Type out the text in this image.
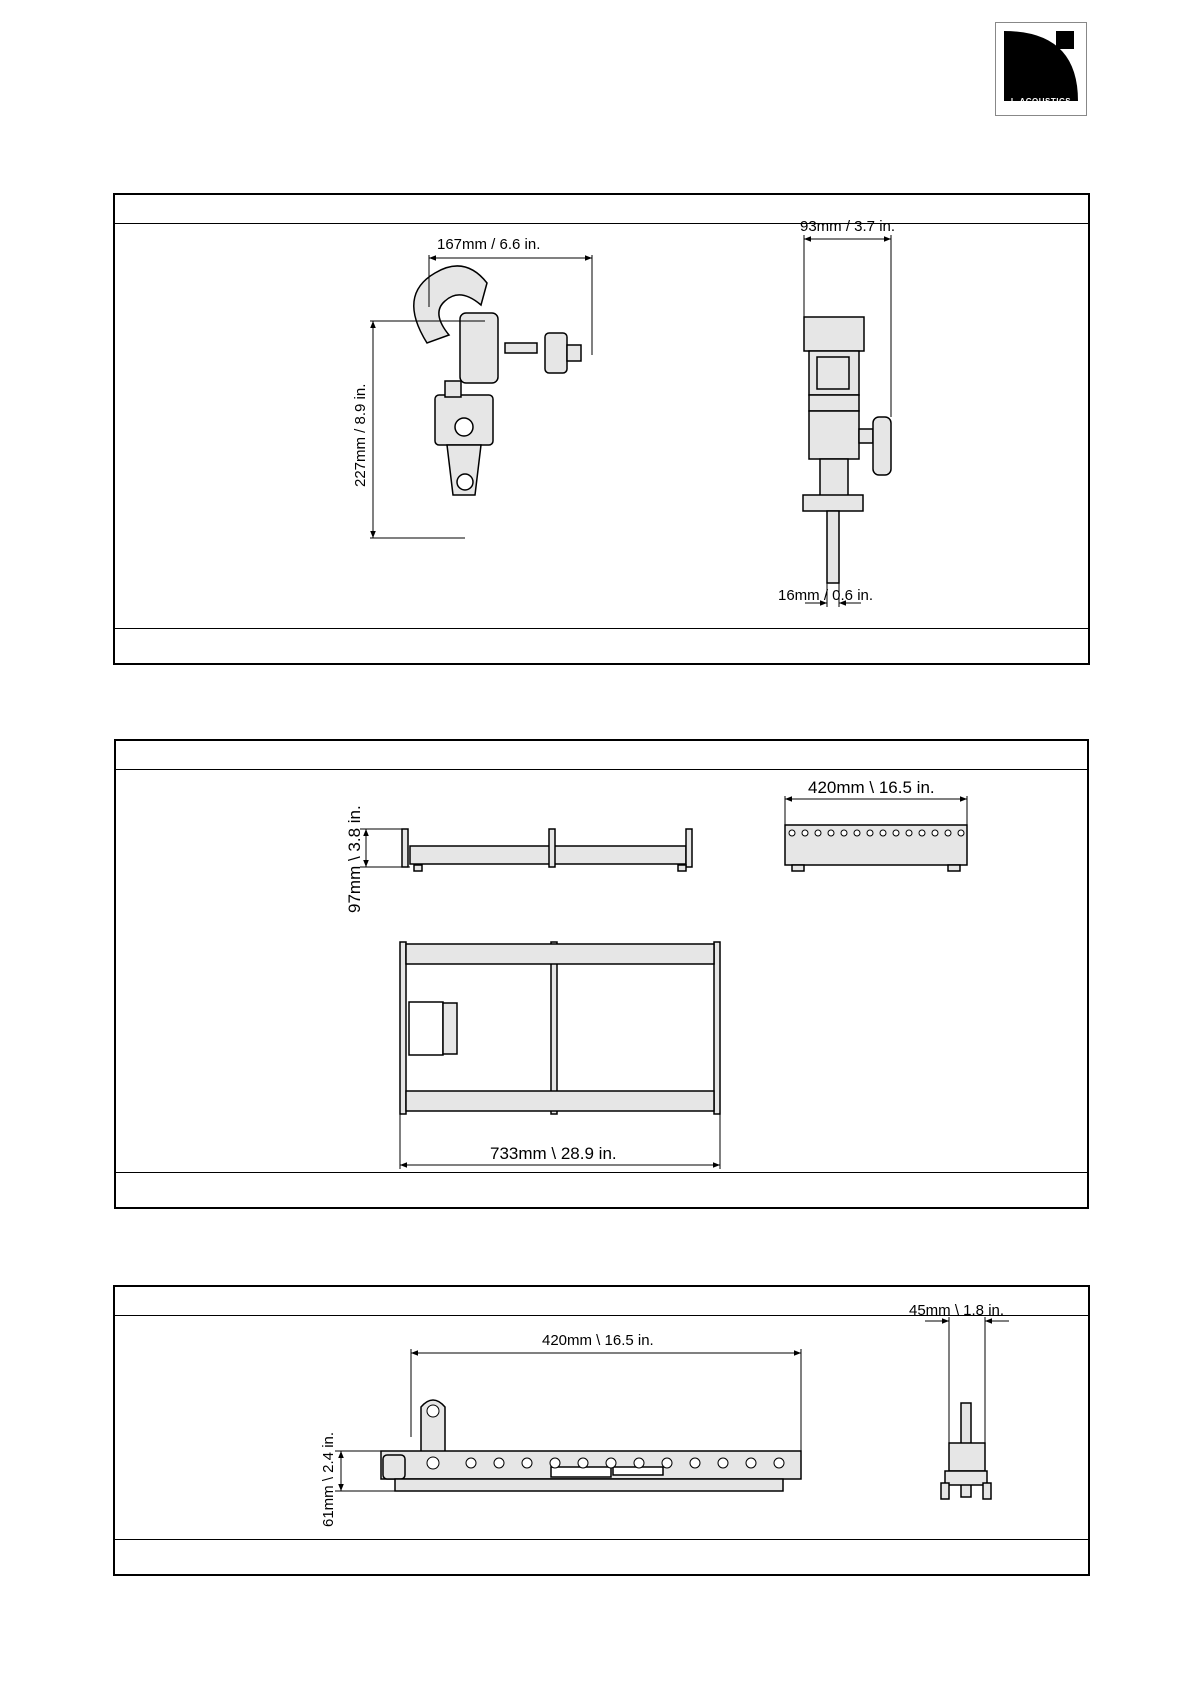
L-ACOUSTICS
167mm / 6.6 in.
227mm / 8.9 in.
93mm / 3.7 in.
16mm / 0.6 in.
97mm \ 3.8 in.
420mm \ 16.5 in.
733mm \ 28.9 in.
420mm \ 16.5 in.
61mm \ 2.4 in.
45mm \ 1.8 in.
